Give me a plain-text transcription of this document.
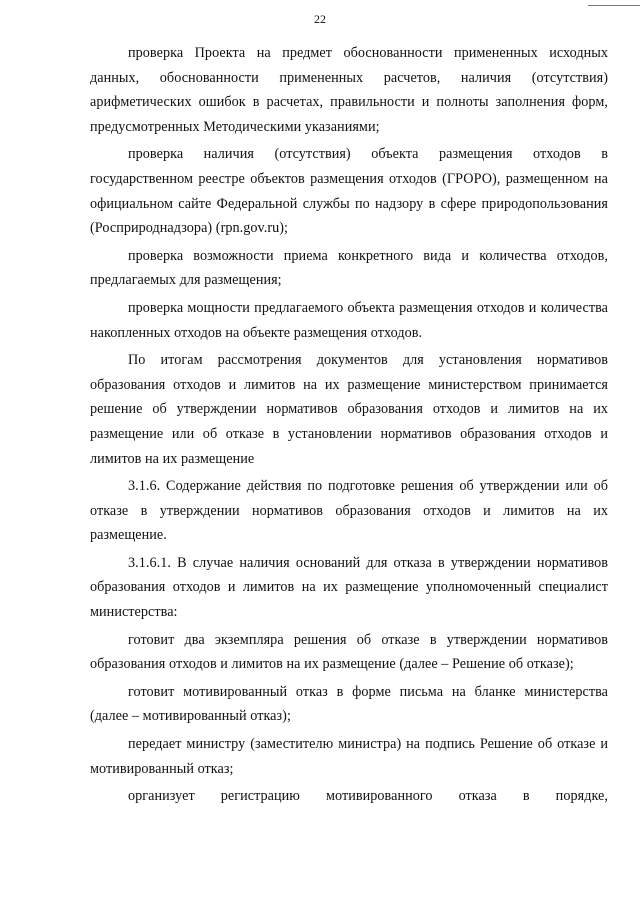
22

проверка Проекта на предмет обоснованности примененных исходных данных, обоснованности примененных расчетов, наличия (отсутствия) арифметических ошибок в расчетах, правильности и полноты заполнения форм, предусмотренных Методическими указаниями;

проверка наличия (отсутствия) объекта размещения отходов в государственном реестре объектов размещения отходов (ГРОРО), размещенном на официальном сайте Федеральной службы по надзору в сфере природопользования (Росприроднадзора) (rpn.gov.ru);

проверка возможности приема конкретного вида и количества отходов, предлагаемых для размещения;

проверка мощности предлагаемого объекта размещения отходов и количества накопленных отходов на объекте размещения отходов.

По итогам рассмотрения документов для установления нормативов образования отходов и лимитов на их размещение министерством принимается решение об утверждении нормативов образования отходов и лимитов на их размещение или об отказе в установлении нормативов образования отходов и лимитов на их размещение

3.1.6. Содержание действия по подготовке решения об утверждении или об отказе в утверждении нормативов образования отходов и лимитов на их размещение.

3.1.6.1. В случае наличия оснований для отказа в утверждении нормативов образования отходов и лимитов на их размещение уполномоченный специалист министерства:

готовит два экземпляра решения об отказе в утверждении нормативов образования отходов и лимитов на их размещение (далее – Решение об отказе);

готовит мотивированный отказ в форме письма на бланке министерства (далее – мотивированный отказ);

передает министру (заместителю министра) на подпись Решение об отказе и мотивированный отказ;

организует регистрацию мотивированного отказа в порядке,
